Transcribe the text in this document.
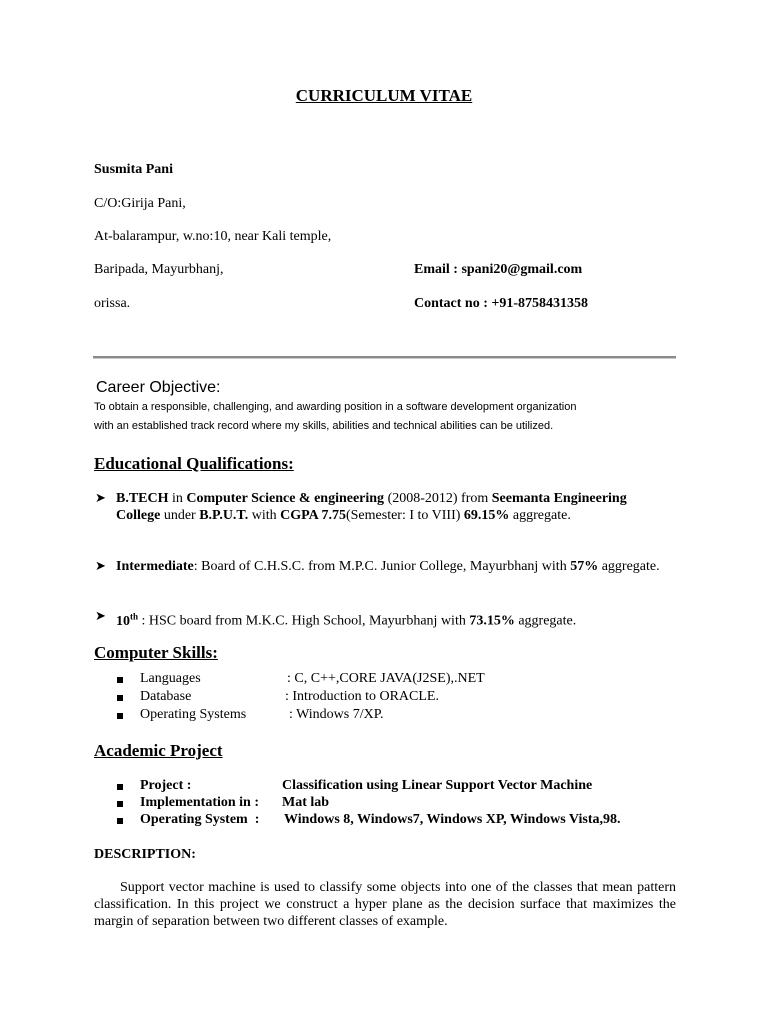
CURRICULUM VITAE
Susmita Pani
C/O:Girija Pani,
At-balarampur, w.no:10, near Kali temple,
Baripada, Mayurbhanj,
orissa.
Email : spani20@gmail.com
Contact no : +91-8758431358
Career Objective:
To obtain a responsible, challenging, and awarding position in a software development organization
with an established track record where my skills, abilities and technical abilities can be utilized.
Educational Qualifications:
➤ B.TECH in Computer Science & engineering (2008-2012) from Seemanta Engineering College under B.P.U.T. with CGPA 7.75(Semester: I to VIII) 69.15% aggregate.
➤ Intermediate: Board of C.H.S.C. from M.P.C. Junior College, Mayurbhanj with 57% aggregate.
➤ 10th : HSC board from M.K.C. High School, Mayurbhanj with 73.15% aggregate.
Computer Skills:
Languages	: C, C++,CORE JAVA(J2SE),.NET
Database	: Introduction to ORACLE.
Operating Systems	: Windows 7/XP.
Academic Project
Project :	Classification using Linear Support Vector Machine
Implementation in : Mat lab
Operating System  : Windows 8, Windows7, Windows XP, Windows Vista,98.
DESCRIPTION:
Support vector machine is used to classify some objects into one of the classes that mean pattern classification. In this project we construct a hyper plane as the decision surface that maximizes the margin of separation between two different classes of example.
